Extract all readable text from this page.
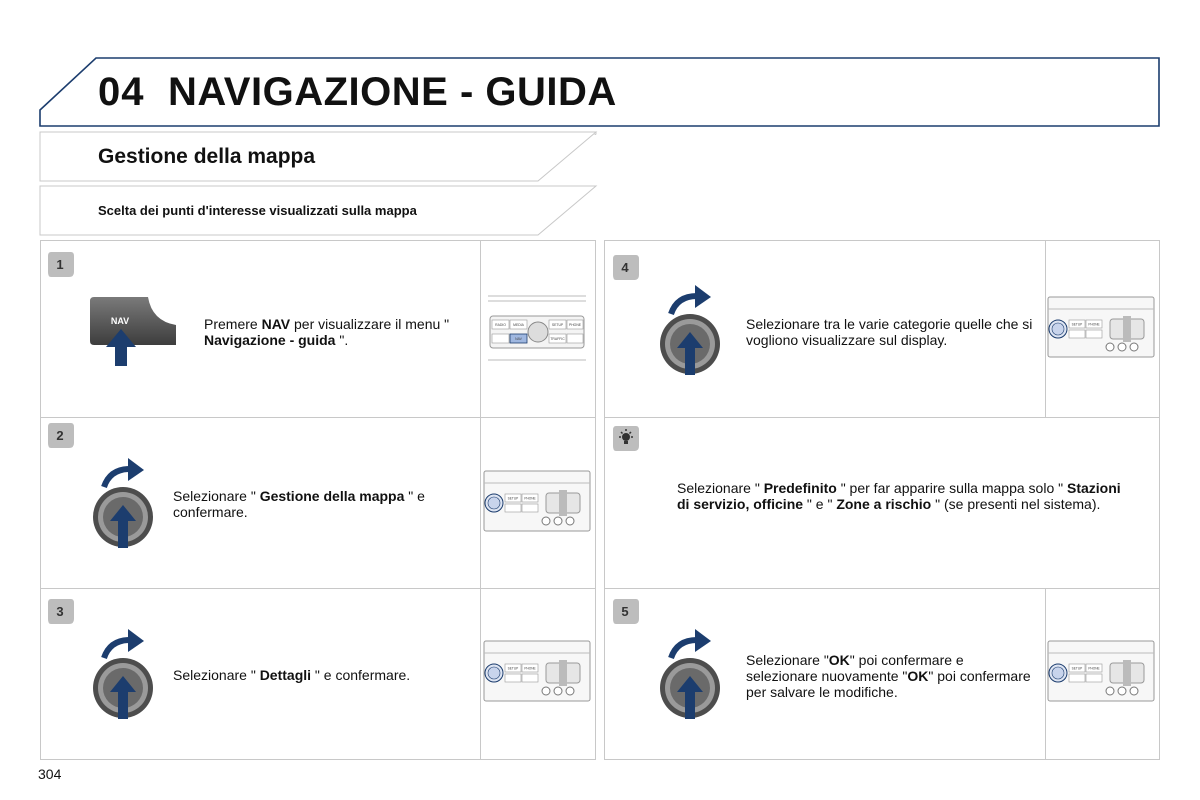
04 NAVIGAZIONE - GUIDA
Gestione della mappa
Scelta dei punti d'interesse visualizzati sulla mappa
1
2
3
4
5
NAV	Premere NAV per visualizzare il menu " Navigazione - guida ".
Selezionare " Gestione della mappa " e confermare.
Selezionare " Dettagli " e confermare.
Selezionare tra le varie categorie quelle che si vogliono visualizzare sul display.
Selezionare " Predefinito " per far apparire sulla mappa solo " Stazioni di servizio, officine " e " Zone a rischio " (se presenti nel sistema).
Selezionare "OK" poi confermare e selezionare nuovamente "OK" poi confermare per salvare le modifiche.
RADIO MEDIA	SETUP PHONE
NAV	TRAFFIC
SETUP PHONE
SETUP PHONE
SETUP PHONE
SETUP PHONE
304
